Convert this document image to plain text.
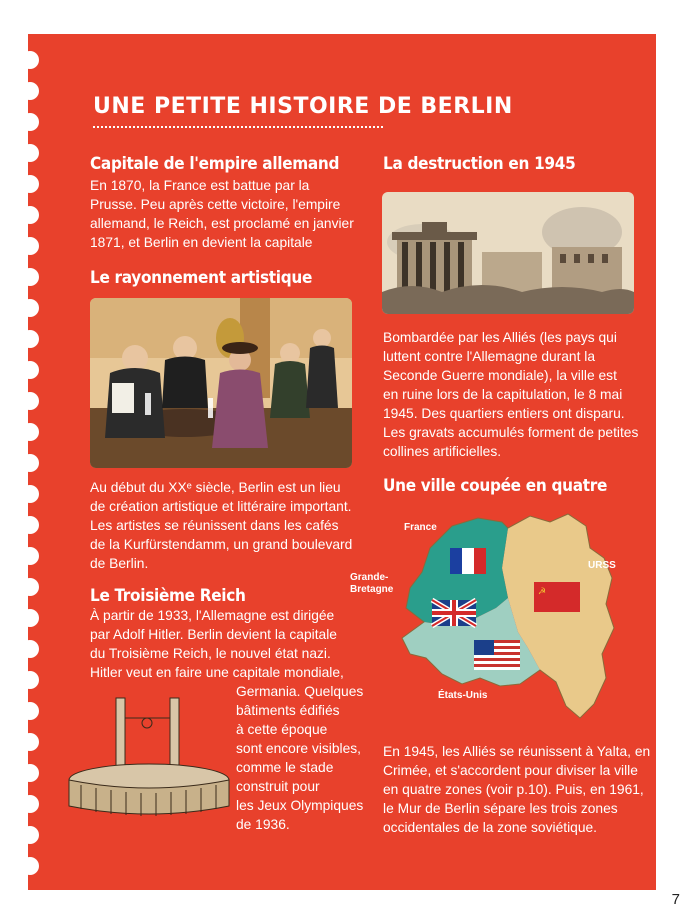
UNE PETITE HISTOIRE DE BERLIN
Capitale de l'empire allemand
En 1870, la France est battue par la
Prusse. Peu après cette victoire, l'empire
allemand, le Reich, est proclamé en janvier
1871, et Berlin en devient la capitale
Le rayonnement artistique
Au début du XXᵉ siècle, Berlin est un lieu
de création artistique et littéraire important.
Les artistes se réunissent dans les cafés
de la Kurfürstendamm, un grand boulevard
de Berlin.
Le Troisième Reich
À partir de 1933, l'Allemagne est dirigée
par Adolf Hitler. Berlin devient la capitale
du Troisième Reich, le nouvel état nazi.
Hitler veut en faire une capitale mondiale,
Germania. Quelques
bâtiments édifiés
à cette époque
sont encore visibles,
comme le stade
construit pour
les Jeux Olympiques
de 1936.
La destruction en 1945
Bombardée par les Alliés (les pays qui
luttent contre l'Allemagne durant la
Seconde Guerre mondiale), la ville est
en ruine lors de la capitulation, le 8 mai
1945. Des quartiers entiers ont disparu.
Les gravats accumulés forment de petites
collines artificielles.
Une ville coupée en quatre
☭
France
Grande-
Bretagne
États-Unis
URSS
En 1945, les Alliés se réunissent à Yalta, en
Crimée, et s'accordent pour diviser la ville
en quatre zones (voir p.10). Puis, en 1961,
le Mur de Berlin sépare les trois zones
occidentales de la zone soviétique.
7
